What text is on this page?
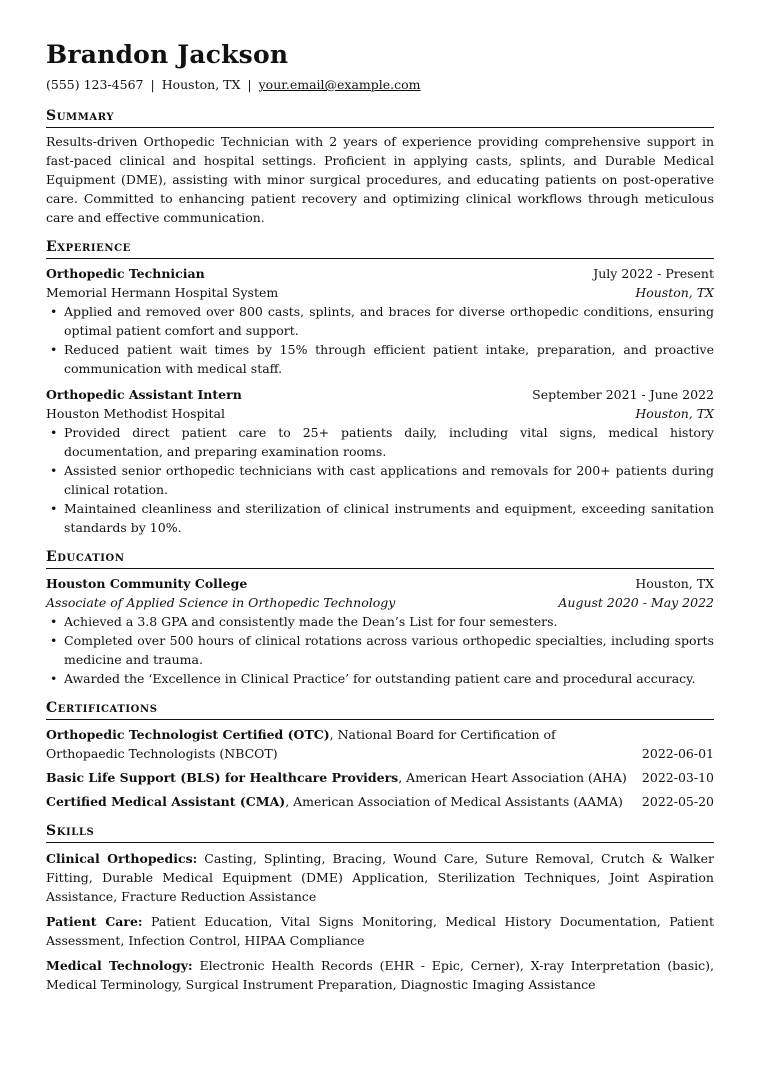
Brandon Jackson
(555) 123-4567 | Houston, TX | your.email@example.com
Summary
Results-driven Orthopedic Technician with 2 years of experience providing comprehensive support in fast-paced clinical and hospital settings. Proficient in applying casts, splints, and Durable Medical Equipment (DME), assisting with minor surgical procedures, and educating patients on post-operative care. Committed to enhancing patient recovery and optimizing clinical workflows through meticulous care and effective communication.
Experience
Orthopedic Technician	July 2022 - Present
Memorial Hermann Hospital System	Houston, TX
• Applied and removed over 800 casts, splints, and braces for diverse orthopedic conditions, ensuring optimal patient comfort and support.
• Reduced patient wait times by 15% through efficient patient intake, preparation, and proactive communication with medical staff.
Orthopedic Assistant Intern	September 2021 - June 2022
Houston Methodist Hospital	Houston, TX
• Provided direct patient care to 25+ patients daily, including vital signs, medical history documentation, and preparing examination rooms.
• Assisted senior orthopedic technicians with cast applications and removals for 200+ patients during clinical rotation.
• Maintained cleanliness and sterilization of clinical instruments and equipment, exceeding sanitation standards by 10%.
Education
Houston Community College	Houston, TX
Associate of Applied Science in Orthopedic Technology	August 2020 - May 2022
• Achieved a 3.8 GPA and consistently made the Dean’s List for four semesters.
• Completed over 500 hours of clinical rotations across various orthopedic specialties, including sports medicine and trauma.
• Awarded the ‘Excellence in Clinical Practice’ for outstanding patient care and procedural accuracy.
Certifications
Orthopedic Technologist Certified (OTC), National Board for Certification of Orthopaedic Technologists (NBCOT)	2022-06-01
Basic Life Support (BLS) for Healthcare Providers, American Heart Association (AHA)	2022-03-10
Certified Medical Assistant (CMA), American Association of Medical Assistants (AAMA)	2022-05-20
Skills
Clinical Orthopedics: Casting, Splinting, Bracing, Wound Care, Suture Removal, Crutch & Walker Fitting, Durable Medical Equipment (DME) Application, Sterilization Techniques, Joint Aspiration Assistance, Fracture Reduction Assistance
Patient Care: Patient Education, Vital Signs Monitoring, Medical History Documentation, Patient Assessment, Infection Control, HIPAA Compliance
Medical Technology: Electronic Health Records (EHR - Epic, Cerner), X-ray Interpretation (basic), Medical Terminology, Surgical Instrument Preparation, Diagnostic Imaging Assistance
